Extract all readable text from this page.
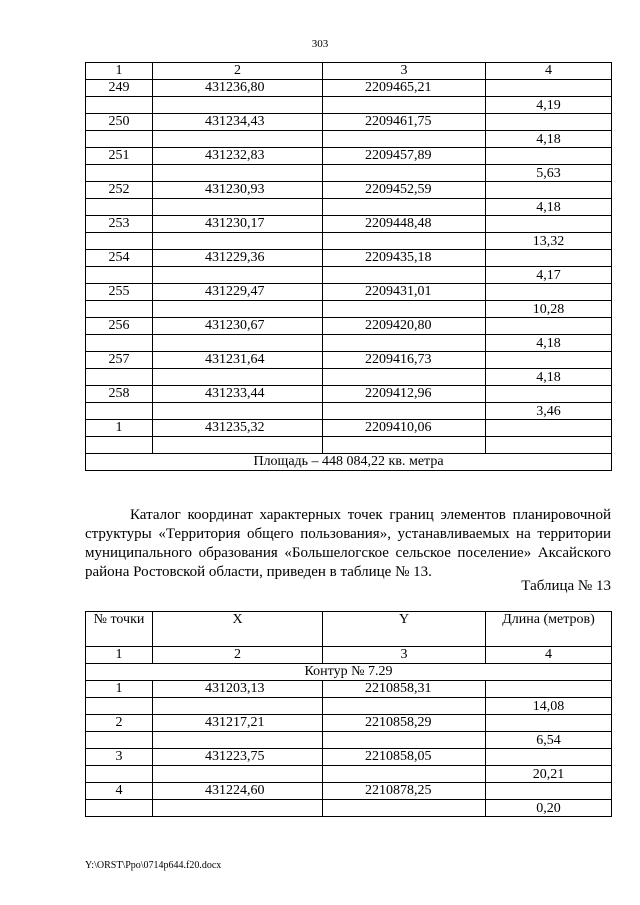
303
1	2	3	4
249	431236,80	2209465,21	
			4,19
250	431234,43	2209461,75	
			4,18
251	431232,83	2209457,89	
			5,63
252	431230,93	2209452,59	
			4,18
253	431230,17	2209448,48	
			13,32
254	431229,36	2209435,18	
			4,17
255	431229,47	2209431,01	
			10,28
256	431230,67	2209420,80	
			4,18
257	431231,64	2209416,73	
			4,18
258	431233,44	2209412,96	
			3,46
1	431235,32	2209410,06	

Площадь – 448 084,22 кв. метра			

Каталог координат характерных точек границ элементов планировочной структуры «Территория общего пользования», устанавливаемых на территории муниципального образования «Большелогское сельское поселение» Аксайского района Ростовской области, приведен в таблице № 13.

Таблица № 13
№ точки	X	Y	Длина (метров)
1	2	3	4
Контур № 7.29			
1	431203,13	2210858,31	
			14,08
2	431217,21	2210858,29	
			6,54
3	431223,75	2210858,05	
			20,21
4	431224,60	2210878,25	
			0,20
Y:\ORST\Ppo\0714p644.f20.docx
